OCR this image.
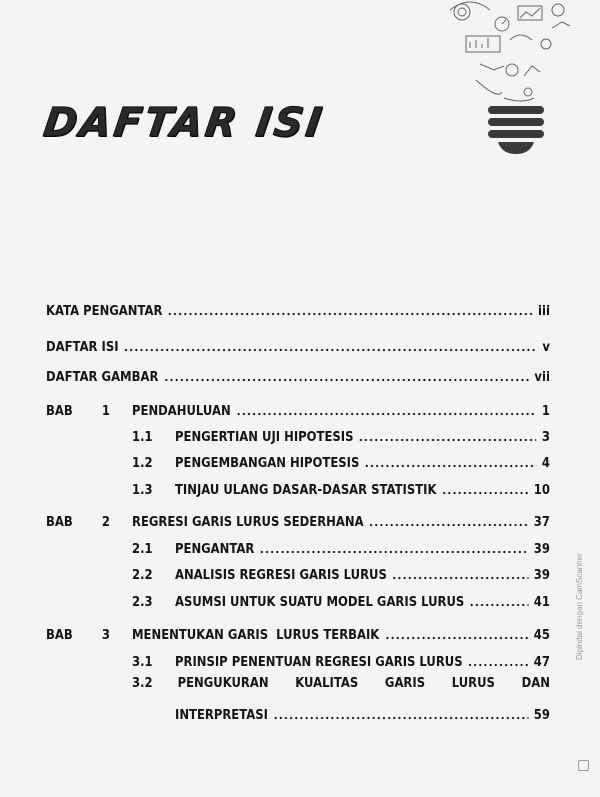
DAFTAR ISI
KATA PENGANTAR	iii
DAFTAR ISI	v
DAFTAR GAMBAR	vii
BAB 1 PENDAHULUAN	1
1.1 PENGERTIAN UJI HIPOTESIS	3
1.2 PENGEMBANGAN HIPOTESIS	4
1.3 TINJAU ULANG DASAR-DASAR STATISTIK	10
BAB 2 REGRESI GARIS LURUS SEDERHANA	37
2.1 PENGANTAR	39
2.2 ANALISIS REGRESI GARIS LURUS	39
2.3 ASUMSI UNTUK SUATU MODEL GARIS LURUS	41
BAB 3 MENENTUKAN GARIS  LURUS TERBAIK	45
3.1 PRINSIP PENENTUAN REGRESI GARIS LURUS	47
3.2	PENGUKURAN KUALITAS GARIS LURUS DAN
INTERPRETASI	59
Dipindai dengan CamScanner
